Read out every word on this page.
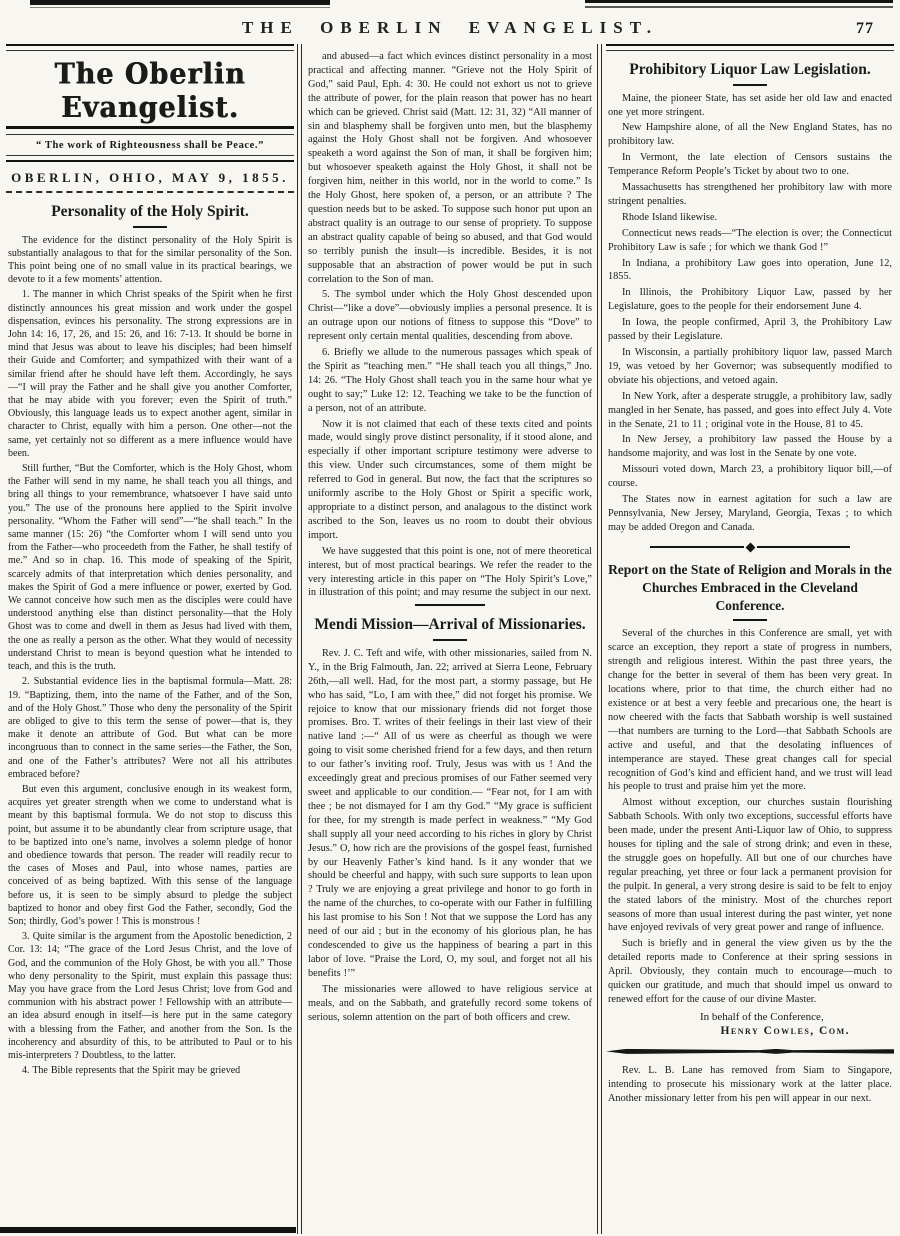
THE OBERLIN EVANGELIST.	77
The Oberlin Evangelist.
“ The work of Righteousness shall be Peace.”
OBERLIN, OHIO, MAY 9, 1855.
Personality of the Holy Spirit.

The evidence for the distinct personality of the Holy Spirit is substantially analagous to that for the similar personality of the Son. This point being one of no small value in its practical bearings, we devote to it a few moments’ attention.

1. The manner in which Christ speaks of the Spirit when he first distinctly announces his great mission and work under the gospel dispensation, evinces his personality. The strong expressions are in John 14: 16, 17, 26, and 15: 26, and 16: 7-13. It should be borne in mind that Jesus was about to leave his disciples; had been himself their Guide and Comforter; and sympathized with their want of a similar friend after he should have left them. Accordingly, he says—“I will pray the Father and he shall give you another Comforter, that he may abide with you forever; even the Spirit of truth.” Obviously, this language leads us to expect another agent, similar in character to Christ, equally with him a person. One other—not the same, yet certainly not so different as a mere influence would have been.

Still further, “But the Comforter, which is the Holy Ghost, whom the Father will send in my name, he shall teach you all things, and bring all things to your remembrance, whatsoever I have said unto you.” The use of the pronouns here applied to the Spirit involve personality. “Whom the Father will send”—“he shall teach.” In the same manner (15: 26) “the Comforter whom I will send unto you from the Father—who proceedeth from the Father, he shall testify of me.” And so in chap. 16. This mode of speaking of the Spirit, scarcely admits of that interpretation which denies personality, and makes the Spirit of God a mere influence or power, exerted by God. We cannot conceive how such men as the disciples were could have understood anything else than distinct personality—that the Holy Ghost was to come and dwell in them as Jesus had lived with them, the one as really a person as the other. What they would of necessity understand Christ to mean is beyond question what he intended to teach, and this is the truth.

2. Substantial evidence lies in the baptismal formula—Matt. 28: 19. “Baptizing, them, into the name of the Father, and of the Son, and of the Holy Ghost.” Those who deny the personality of the Spirit are obliged to give to this term the sense of power—that is, they make it denote an attribute of God. But what can be more incongruous than to connect in the same series—the Father, the Son, and one of the Father’s attributes? Were not all his attributes embraced before?

But even this argument, conclusive enough in its weakest form, acquires yet greater strength when we come to understand what is meant by this baptismal formula. We do not stop to discuss this point, but assume it to be abundantly clear from scripture usage, that to be baptized into one’s name, involves a solemn pledge of honor and obedience towards that person. The reader will readily recur to the cases of Moses and Paul, into whose names, parties are conceived of as being baptized. With this sense of the language before us, it is seen to be simply absurd to pledge the subject baptized to honor and obey first God the Father, secondly, God the Son; thirdly, God’s power ! This is monstrous !

3. Quite similar is the argument from the Apostolic benediction, 2 Cor. 13: 14; “The grace of the Lord Jesus Christ, and the love of God, and the communion of the Holy Ghost, be with you all.” Those who deny personality to the Spirit, must explain this passage thus: May you have grace from the Lord Jesus Christ; love from God and communion with his abstract power ! Fellowship with an attribute—an idea absurd enough in itself—is here put in the same category with a blessing from the Father, and another from the Son. Is the incoherency and absurdity of this, to be attributed to Paul or to his mis-interpreters ? Doubtless, to the latter.

4. The Bible represents that the Spirit may be grieved

and abused—a fact which evinces distinct personality in a most practical and affecting manner. “Grieve not the Holy Spirit of God,” said Paul, Eph. 4: 30. He could not exhort us not to grieve the attribute of power, for the plain reason that power has no heart which can be grieved. Christ said (Matt. 12: 31, 32) “All manner of sin and blasphemy shall be forgiven unto men, but the blasphemy against the Holy Ghost shall not be forgiven. And whosoever speaketh a word against the Son of man, it shall be forgiven him; but whosoever speaketh against the Holy Ghost, it shall not be forgiven him, neither in this world, nor in the world to come.” Is the Holy Ghost, here spoken of, a person, or an attribute ? The question needs but to be asked. To suppose such honor put upon an abstract quality is an outrage to our sense of propriety. To suppose an abstract quality capable of being so abused, and that God would so terribly punish the insult—is incredible. Besides, it is not supposable that an abstraction of power would be put in such correlation to the Son of man.

5. The symbol under which the Holy Ghost descended upon Christ—“like a dove”—obviously implies a personal presence. It is an outrage upon our notions of fitness to suppose this “Dove” to represent only certain mental qualities, descending from above.

6. Briefly we allude to the numerous passages which speak of the Spirit as “teaching men.” “He shall teach you all things,” Jno. 14: 26. “The Holy Ghost shall teach you in the same hour what ye ought to say;” Luke 12: 12. Teaching we take to be the function of a person, not of an attribute.

Now it is not claimed that each of these texts cited and points made, would singly prove distinct personality, if it stood alone, and especially if other important scripture testimony were adverse to this view. Under such circumstances, some of them might be referred to God in general. But now, the fact that the scriptures so uniformly ascribe to the Holy Ghost or Spirit a specific work, appropriate to a distinct person, and analagous to the distinct work ascribed to the Son, leaves us no room to doubt their obvious import.

We have suggested that this point is one, not of mere theoretical interest, but of most practical bearings. We refer the reader to the very interesting article in this paper on “The Holy Spirit’s Love,” in illustration of this point; and may resume the subject in our next.

Mendi Mission—Arrival of Missionaries.

Rev. J. C. Teft and wife, with other missionaries, sailed from N. Y., in the Brig Falmouth, Jan. 22; arrived at Sierra Leone, February 26th,—all well. Had, for the most part, a stormy passage, but He who has said, “Lo, I am with thee,” did not forget his promise. We rejoice to know that our missionary friends did not forget those promises. Bro. T. writes of their feelings in their last view of their native land :—“ All of us were as cheerful as though we were going to visit some cherished friend for a few days, and then return to our father’s inviting roof. Truly, Jesus was with us ! And the exceedingly great and precious promises of our Father seemed very sweet and applicable to our condition.— “Fear not, for I am with thee ; be not dismayed for I am thy God.” “My grace is sufficient for thee, for my strength is made perfect in weakness.” “My God shall supply all your need according to his riches in glory by Christ Jesus.” O, how rich are the provisions of the gospel feast, furnished by our Heavenly Father’s kind hand. Is it any wonder that we should be cheerful and happy, with such sure supports to lean upon ? Truly we are enjoying a great privilege and honor to go forth in the name of the churches, to co-operate with our Father in fulfilling his last promise to his Son ! Not that we suppose the Lord has any need of our aid ; but in the economy of his glorious plan, he has condescended to give us the happiness of bearing a part in this labor of love. “Praise the Lord, O, my soul, and forget not all his benefits !’”

The missionaries were allowed to have religious service at meals, and on the Sabbath, and gratefully record some tokens of serious, solemn attention on the part of both officers and crew.

Prohibitory Liquor Law Legislation.

Maine, the pioneer State, has set aside her old law and enacted one yet more stringent.

New Hampshire alone, of all the New England States, has no prohibitory law.

In Vermont, the late election of Censors sustains the Temperance Reform People’s Ticket by about two to one.

Massachusetts has strengthened her prohibitory law with more stringent penalties.

Rhode Island likewise.

Connecticut news reads—“The election is over; the Connecticut Prohibitory Law is safe ; for which we thank God !”

In Indiana, a prohibitory Law goes into operation, June 12, 1855.

In Illinois, the Prohibitory Liquor Law, passed by her Legislature, goes to the people for their endorsement June 4.

In Iowa, the people confirmed, April 3, the Prohibitory Law passed by their Legislature.

In Wisconsin, a partially prohibitory liquor law, passed March 19, was vetoed by her Governor; was subsequently modified to obviate his objections, and vetoed again.

In New York, after a desperate struggle, a prohibitory law, sadly mangled in her Senate, has passed, and goes into effect July 4. Vote in the Senate, 21 to 11 ; original vote in the House, 81 to 45.

In New Jersey, a prohibitory law passed the House by a handsome majority, and was lost in the Senate by one vote.

Missouri voted down, March 23, a prohibitory liquor bill,—of course.

The States now in earnest agitation for such a law are Pennsylvania, New Jersey, Maryland, Georgia, Texas ; to which may be added Oregon and Canada.

Report on the State of Religion and Morals in the Churches Embraced in the Cleveland Conference.

Several of the churches in this Conference are small, yet with scarce an exception, they report a state of progress in numbers, strength and religious interest. Within the past three years, the change for the better in several of them has been very great. In locations where, prior to that time, the church either had no existence or at best a very feeble and precarious one, the heart is now cheered with the facts that Sabbath worship is well sustained—that numbers are turning to the Lord—that Sabbath Schools are active and useful, and that the desolating influences of intemperance are stayed. These great changes call for special recognition of God’s kind and efficient hand, and we trust will lead his people to trust and praise him yet the more.

Almost without exception, our churches sustain flourishing Sabbath Schools. With only two exceptions, successful efforts have been made, under the present Anti-Liquor law of Ohio, to suppress houses for tipling and the sale of strong drink; and even in these, the struggle goes on hopefully. All but one of our churches have regular preaching, yet three or four lack a permanent provision for the pulpit. In general, a very strong desire is said to be felt to enjoy the stated labors of the ministry. Most of the churches report seasons of more than usual interest during the past winter, yet none have enjoyed revivals of very great power and range of influence.

Such is briefly and in general the view given us by the the detailed reports made to Conference at their spring sessions in April. Obviously, they contain much to encourage—much to quicken our gratitude, and much that should impel us onward to renewed effort for the cause of our divine Master.

In behalf of the Conference,
Henry Cowles, Com.

Rev. L. B. Lane has removed from Siam to Singapore, intending to prosecute his missionary work at the latter place. Another missionary letter from his pen will appear in our next.
